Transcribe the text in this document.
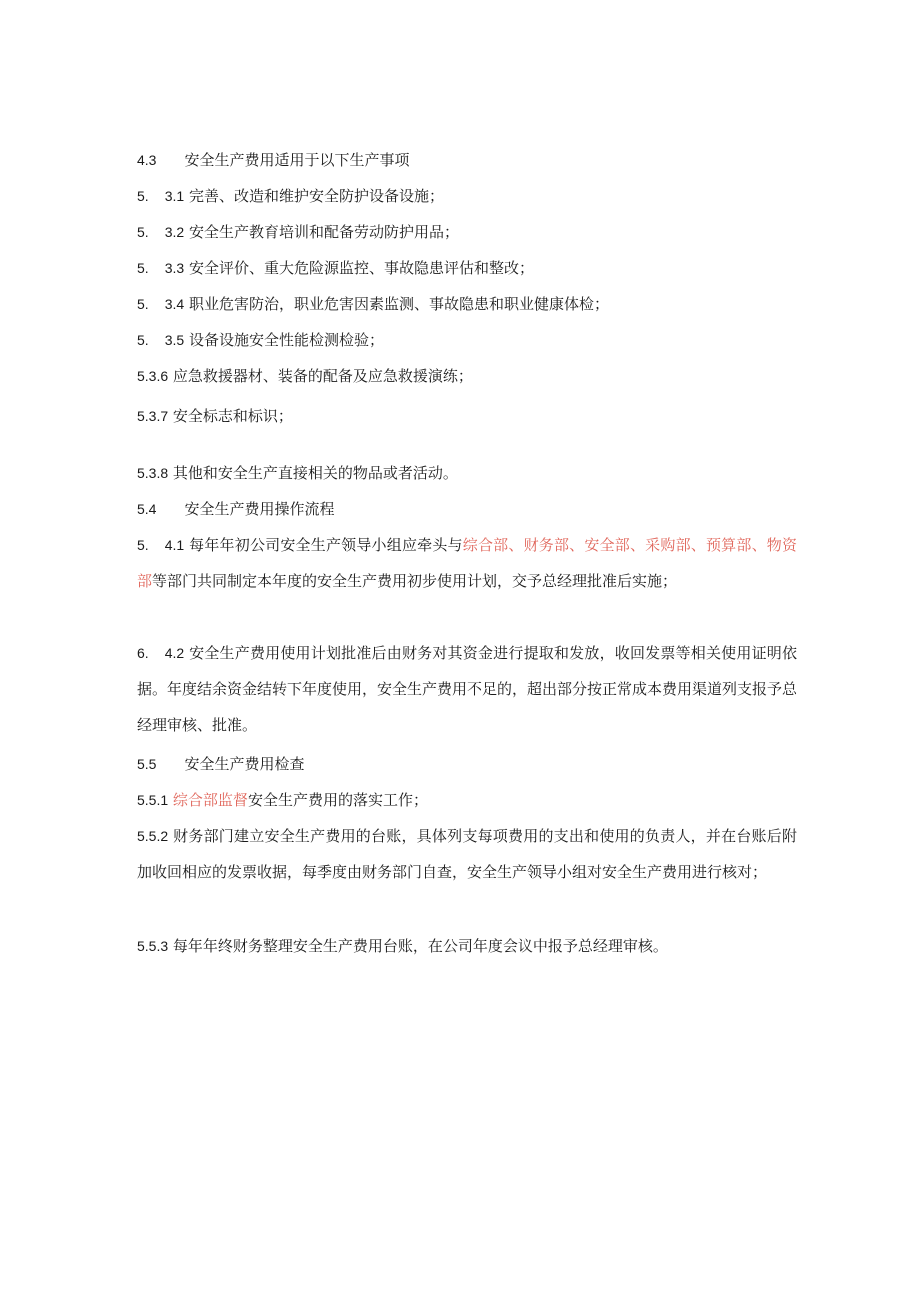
4.3 安全生产费用适用于以下生产事项
5. 3.1 完善、改造和维护安全防护设备设施；
5. 3.2 安全生产教育培训和配备劳动防护用品；
5. 3.3 安全评价、重大危险源监控、事故隐患评估和整改；
5. 3.4 职业危害防治，职业危害因素监测、事故隐患和职业健康体检；
5. 3.5 设备设施安全性能检测检验；
5.3.6 应急救援器材、装备的配备及应急救援演练；
5.3.7 安全标志和标识；
5.3.8 其他和安全生产直接相关的物品或者活动。
5.4 安全生产费用操作流程
5. 4.1 每年年初公司安全生产领导小组应牵头与综合部、财务部、安全部、采购部、预算部、物资部等部门共同制定本年度的安全生产费用初步使用计划，交予总经理批准后实施；
6. 4.2 安全生产费用使用计划批准后由财务对其资金进行提取和发放，收回发票等相关使用证明依据。年度结余资金结转下年度使用，安全生产费用不足的，超出部分按正常成本费用渠道列支报予总经理审核、批准。
5.5 安全生产费用检查
5.5.1 综合部监督安全生产费用的落实工作；
5.5.2 财务部门建立安全生产费用的台账，具体列支每项费用的支出和使用的负责人，并在台账后附加收回相应的发票收据，每季度由财务部门自查，安全生产领导小组对安全生产费用进行核对；
5.5.3 每年年终财务整理安全生产费用台账，在公司年度会议中报予总经理审核。
